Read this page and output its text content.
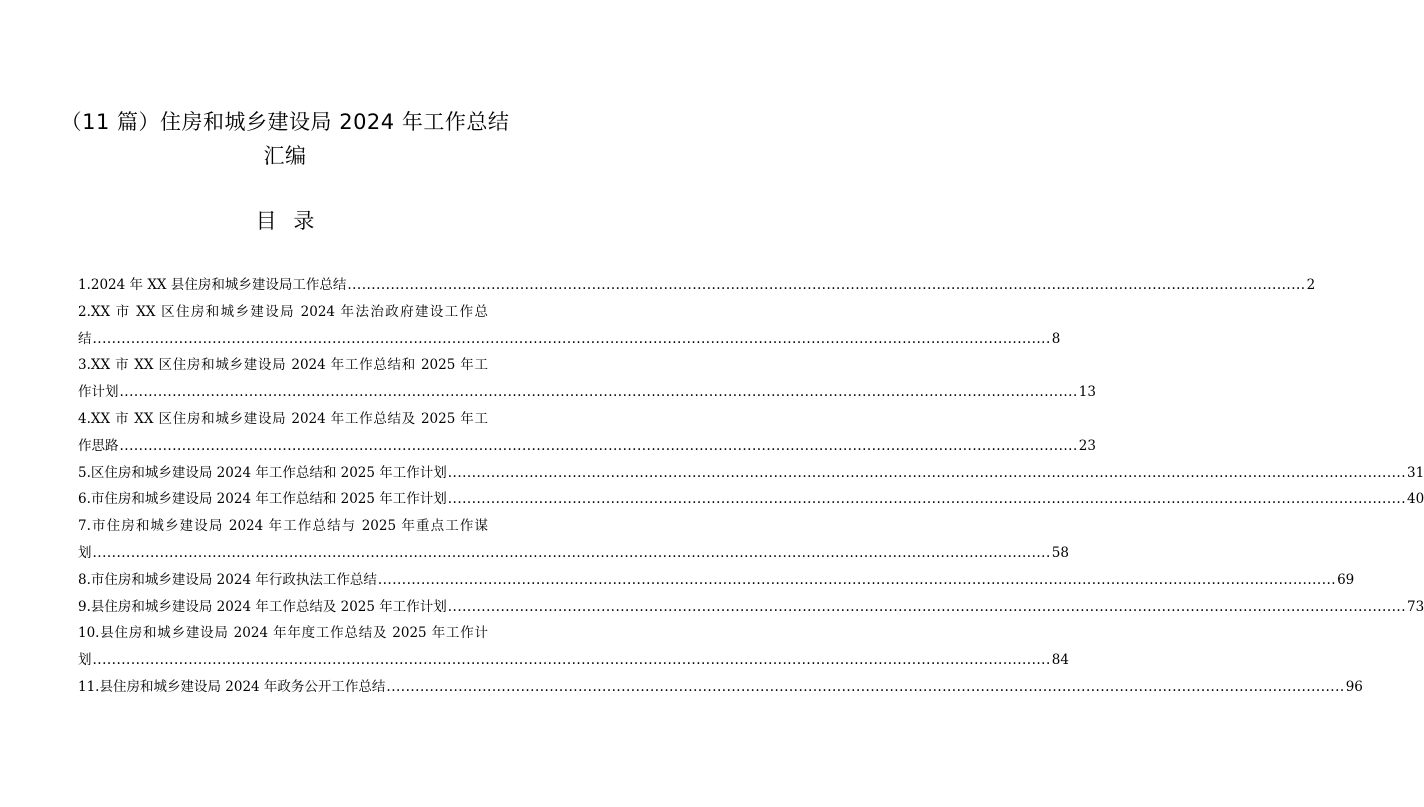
（11 篇）住房和城乡建设局 2024 年工作总结
汇编
目 录
1.2024 年 XX 县住房和城乡建设局工作总结 ........................................................................................................................................................................................................ 2
2.XX 市 XX 区住房和城乡建设局 2024 年法治政府建设工作总
结 ........................................................................................................................................................................................................ 8
3.XX 市 XX 区住房和城乡建设局 2024 年工作总结和 2025 年工
作计划 ........................................................................................................................................................................................................ 13
4.XX 市 XX 区住房和城乡建设局 2024 年工作总结及 2025 年工
作思路 ........................................................................................................................................................................................................ 23
5.区住房和城乡建设局 2024 年工作总结和 2025 年工作计划 ........................................................................................................................................................................................................ 31
6.市住房和城乡建设局 2024 年工作总结和 2025 年工作计划 ........................................................................................................................................................................................................ 40
7.市住房和城乡建设局 2024 年工作总结与 2025 年重点工作谋
划 ........................................................................................................................................................................................................ 58
8.市住房和城乡建设局 2024 年行政执法工作总结 ........................................................................................................................................................................................................ 69
9.县住房和城乡建设局 2024 年工作总结及 2025 年工作计划 ........................................................................................................................................................................................................ 73
10.县住房和城乡建设局 2024 年年度工作总结及 2025 年工作计
划 ........................................................................................................................................................................................................ 84
11.县住房和城乡建设局 2024 年政务公开工作总结 ........................................................................................................................................................................................................ 96
